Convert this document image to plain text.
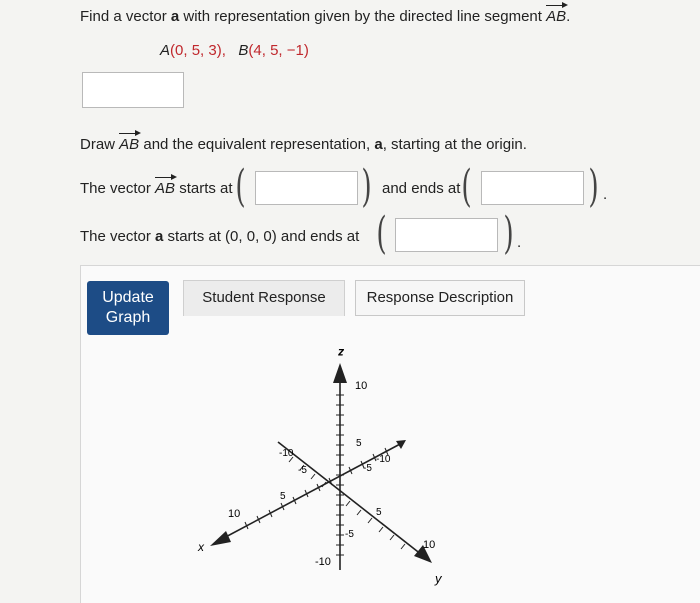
Find a vector a with representation given by the directed line segment AB.
A(0, 5, 3), B(4, 5, −1)
Draw AB and the equivalent representation, a, starting at the origin.
The vector AB starts at (	) and ends at (	) .
The vector a starts at (0, 0, 0) and ends at (	) .
Update
Graph
Student Response	Response Description
z
x
y
10
5
-5
-10
10
5
-5
-10
-10
-5
5
10
